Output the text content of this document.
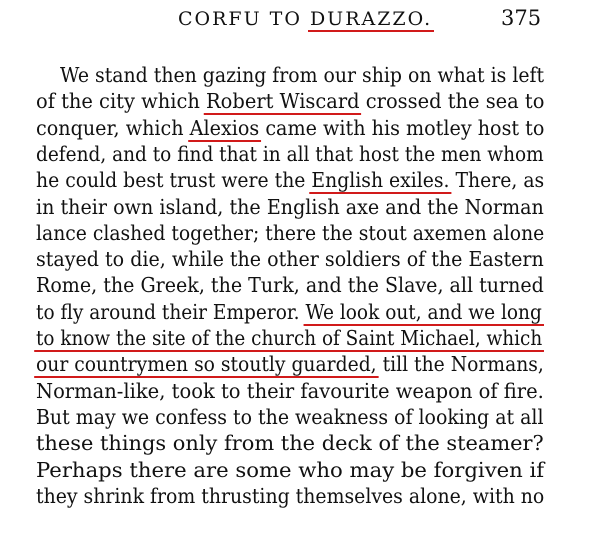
CORFU TO DURAZZO.	375
We stand then gazing from our ship on what is left
of the city which Robert Wiscard crossed the sea to
conquer, which Alexios came with his motley host to
defend, and to find that in all that host the men whom
he could best trust were the English exiles. There, as
in their own island, the English axe and the Norman
lance clashed together; there the stout axemen alone
stayed to die, while the other soldiers of the Eastern
Rome, the Greek, the Turk, and the Slave, all turned
to fly around their Emperor. We look out, and we long
to know the site of the church of Saint Michael, which
our countrymen so stoutly guarded, till the Normans,
Norman-like, took to their favourite weapon of fire.
But may we confess to the weakness of looking at all
these things only from the deck of the steamer?
Perhaps there are some who may be forgiven if
they shrink from thrusting themselves alone, with no
